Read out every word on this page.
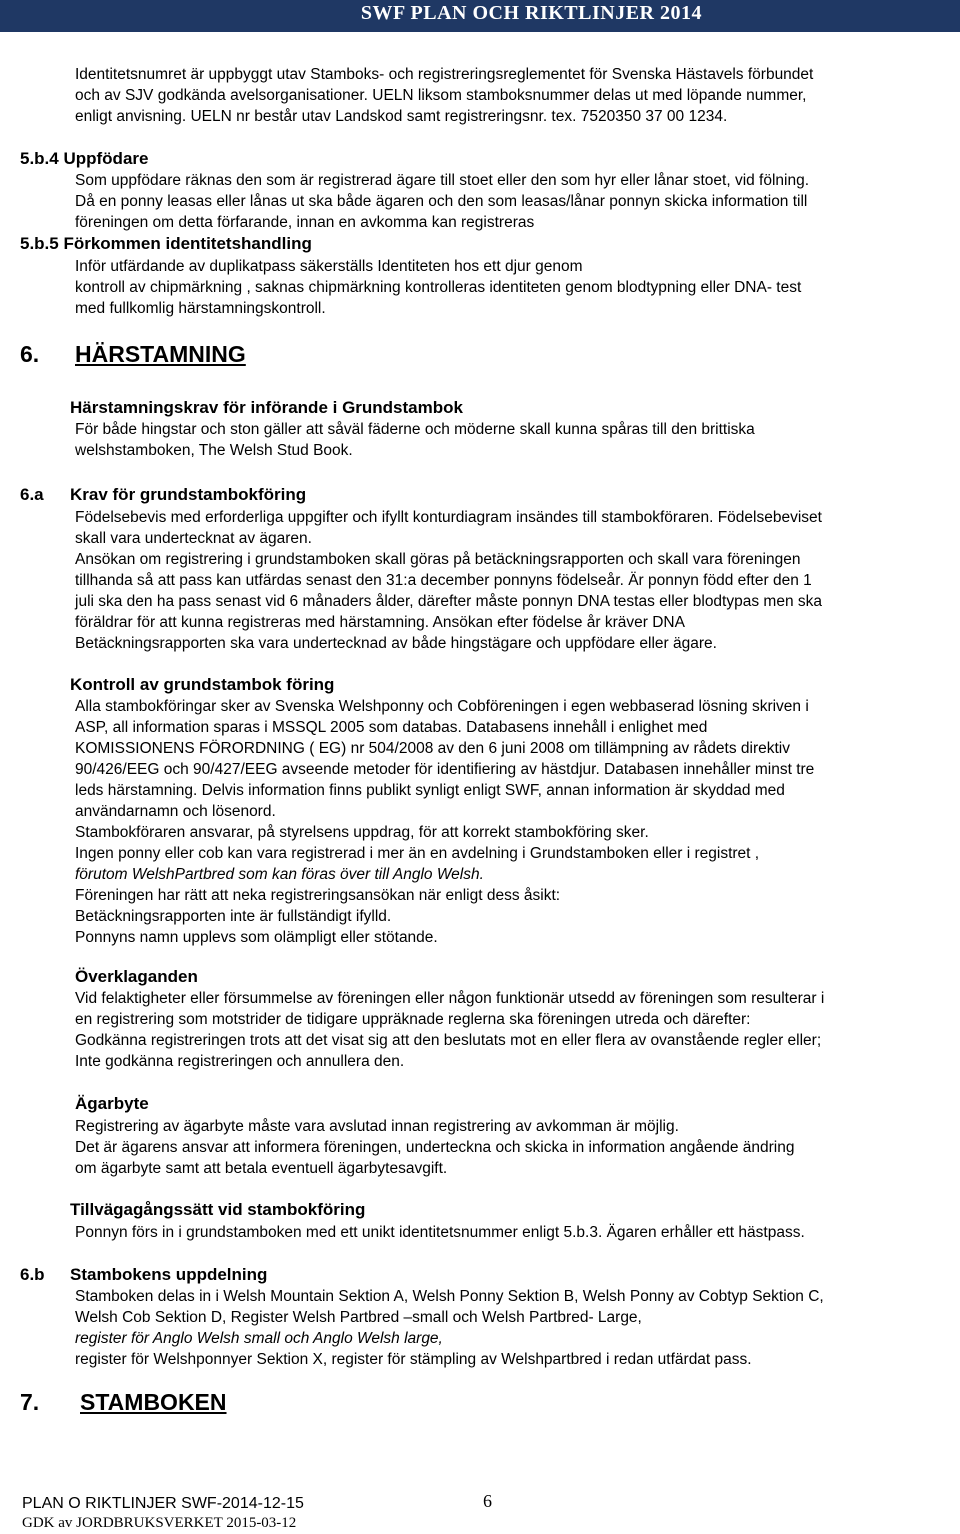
SWF PLAN OCH RIKTLINJER 2014

Identitetsnumret är uppbyggt utav Stamboks- och registreringsreglementet för Svenska Hästavels förbundet

och av SJV godkända avelsorganisationer. UELN liksom stamboksnummer delas ut med löpande nummer,

enligt anvisning. UELN nr består utav Landskod samt registreringsnr. tex. 7520350 37 00 1234.

5.b.4 Uppfödare

Som uppfödare räknas den som är registrerad ägare till stoet eller den som hyr eller lånar stoet, vid fölning.

Då en ponny leasas eller lånas ut ska både ägaren och den som leasas/lånar ponnyn skicka information till

föreningen om detta förfarande, innan en avkomma kan registreras

5.b.5 Förkommen identitetshandling

Inför utfärdande av duplikatpass säkerställs Identiteten hos ett djur genom

kontroll av chipmärkning , saknas chipmärkning kontrolleras identiteten genom blodtypning eller DNA- test

med fullkomlig härstamningskontroll.

6. HÄRSTAMNING
Härstamningskrav för införande i Grundstambok

För både hingstar och ston gäller att såväl fäderne och möderne skall kunna spåras till den brittiska

welshstamboken, The Welsh Stud Book.

6.a Krav för grundstambokföring

Födelsebevis med erforderliga uppgifter och ifyllt konturdiagram insändes till stambokföraren. Födelsebeviset

skall vara undertecknat av ägaren.

Ansökan om registrering i grundstamboken skall göras på betäckningsrapporten och skall vara föreningen

tillhanda så att pass kan utfärdas senast den 31:a december ponnyns födelseår. Är ponnyn född efter den 1

juli ska den ha pass senast vid 6 månaders ålder, därefter måste ponnyn DNA testas eller blodtypas men ska

föräldrar för att kunna registreras med härstamning. Ansökan efter födelse år kräver DNA

Betäckningsrapporten ska vara undertecknad av både hingstägare och uppfödare eller ägare.

Kontroll av grundstambok föring

Alla stambokföringar sker av Svenska Welshponny och Cobföreningen i egen webbaserad lösning skriven i

ASP, all information sparas i MSSQL 2005 som databas. Databasens innehåll i enlighet med

KOMISSIONENS FÖRORDNING ( EG) nr 504/2008 av den 6 juni 2008 om tillämpning av rådets direktiv

90/426/EEG och 90/427/EEG avseende metoder för identifiering av hästdjur. Databasen innehåller minst tre

leds härstamning. Delvis information finns publikt synligt enligt SWF, annan information är skyddad med

användarnamn och lösenord.

Stambokföraren ansvarar, på styrelsens uppdrag, för att korrekt stambokföring sker.

Ingen ponny eller cob kan vara registrerad i mer än en avdelning i Grundstamboken eller i registret ,

förutom WelshPartbred som kan föras över till Anglo Welsh.

Föreningen har rätt att neka registreringsansökan när enligt dess åsikt:

Betäckningsrapporten inte är fullständigt ifylld.

Ponnyns namn upplevs som olämpligt eller stötande.

Överklaganden

Vid felaktigheter eller försummelse av föreningen eller någon funktionär utsedd av föreningen som resulterar i

en registrering som motstrider de tidigare uppräknade reglerna ska föreningen utreda och därefter:

Godkänna registreringen trots att det visat sig att den beslutats mot en eller flera av ovanstående regler eller;

Inte godkänna registreringen och annullera den.

Ägarbyte

Registrering av ägarbyte måste vara avslutad innan registrering av avkomman är möjlig.

Det är ägarens ansvar att informera föreningen, underteckna och skicka in information angående ändring

om ägarbyte samt att betala eventuell ägarbytesavgift.

Tillvägagångssätt vid stambokföring

Ponnyn förs in i grundstamboken med ett unikt identitetsnummer enligt 5.b.3. Ägaren erhåller ett hästpass.

6.b Stambokens uppdelning

Stamboken delas in i Welsh Mountain Sektion A, Welsh Ponny Sektion B, Welsh Ponny av Cobtyp Sektion C,

Welsh Cob Sektion D, Register Welsh Partbred –small och Welsh Partbred- Large,

register för Anglo Welsh small och Anglo Welsh large,

register för Welshponnyer Sektion X, register för stämpling av Welshpartbred i redan utfärdat pass.

7. STAMBOKEN
PLAN O RIKTLINJER SWF-2014-12-15	6
GDK av JORDBRUKSVERKET 2015-03-12
